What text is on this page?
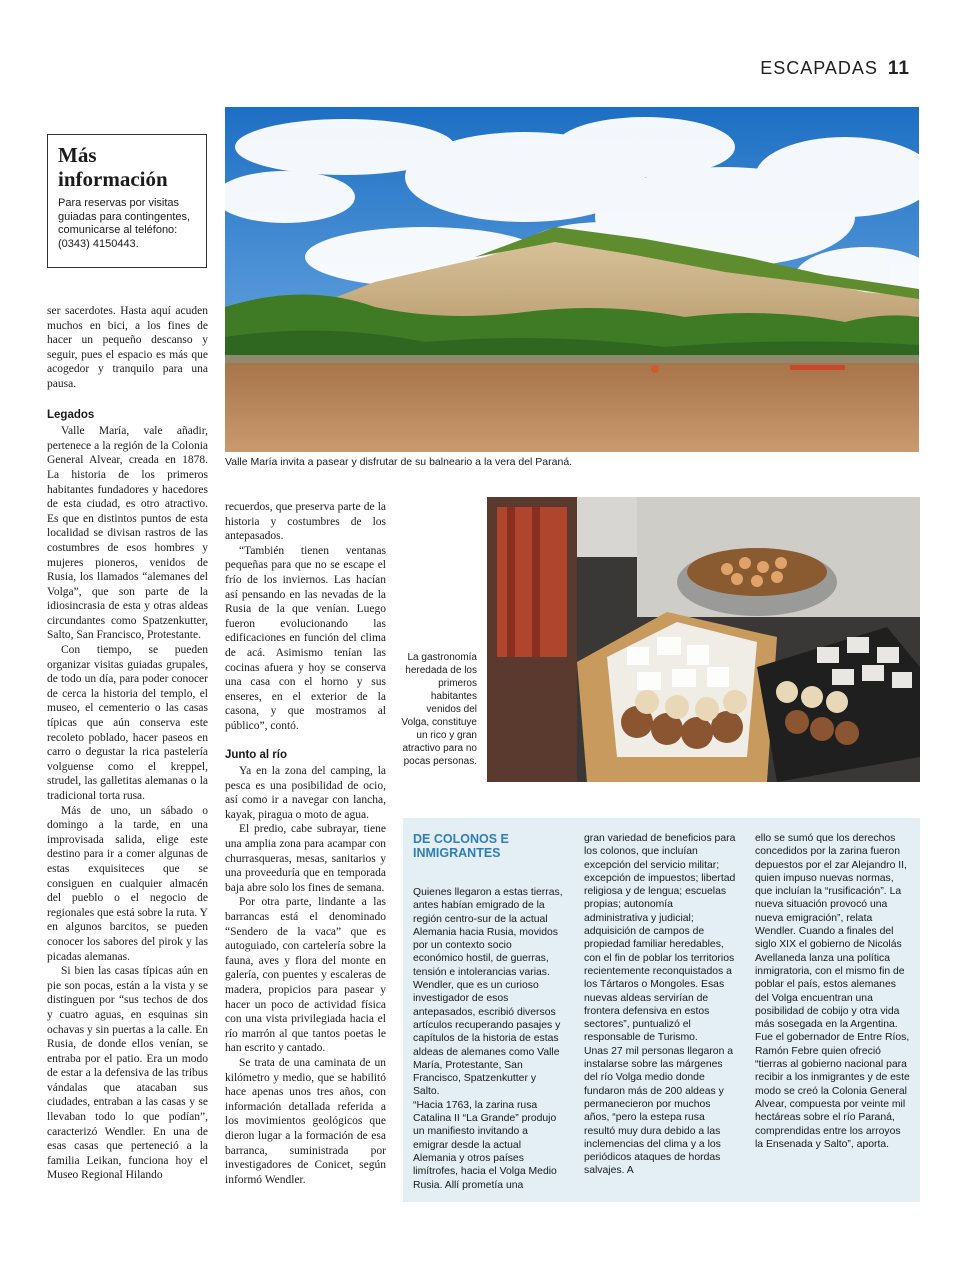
ESCAPADAS 11
Más información

Para reservas por visitas guiadas para contingentes, comunicarse al teléfono: (0343) 4150443.

ser sacerdotes. Hasta aquí acuden muchos en bici, a los fines de hacer un pequeño descanso y seguir, pues el espacio es más que acogedor y tranquilo para una pausa.

Legados

Valle María, vale añadir, pertenece a la región de la Colonia General Alvear, creada en 1878. La historia de los primeros habitantes fundadores y hacedores de esta ciudad, es otro atractivo. Es que en distintos puntos de esta localidad se divisan rastros de las costumbres de esos hombres y mujeres pioneros, venidos de Rusia, los llamados “alemanes del Volga”, que son parte de la idiosincrasia de esta y otras aldeas circundantes como Spatzenkutter, Salto, San Francisco, Protestante.

Con tiempo, se pueden organizar visitas guiadas grupales, de todo un día, para poder conocer de cerca la historia del templo, el museo, el cementerio o las casas típicas que aún conserva este recoleto poblado, hacer paseos en carro o degustar la rica pastelería volguense como el kreppel, strudel, las galletitas alemanas o la tradicional torta rusa.

Más de uno, un sábado o domingo a la tarde, en una improvisada salida, elige este destino para ir a comer algunas de estas exquisiteces que se consiguen en cualquier almacén del pueblo o el negocio de regionales que está sobre la ruta. Y en algunos barcitos, se pueden conocer los sabores del pirok y las picadas alemanas.

Si bien las casas típicas aún en pie son pocas, están a la vista y se distinguen por “sus techos de dos y cuatro aguas, en esquinas sin ochavas y sin puertas a la calle. En Rusia, de donde ellos venían, se entraba por el patio. Era un modo de estar a la defensiva de las tribus vándalas que atacaban sus ciudades, entraban a las casas y se llevaban todo lo que podían”, caracterizó Wendler. En una de esas casas que perteneció a la familia Leikan, funciona hoy el Museo Regional Hilando

Valle María invita a pasear y disfrutar de su balneario a la vera del Paraná.

recuerdos, que preserva parte de la historia y costumbres de los antepasados.

“También tienen ventanas pequeñas para que no se escape el frío de los inviernos. Las hacían así pensando en las nevadas de la Rusia de la que venían. Luego fueron evolucionando las edificaciones en función del clima de acá. Asimismo tenían las cocinas afuera y hoy se conserva una casa con el horno y sus enseres, en el exterior de la casona, y que mostramos al público”, contó.

Junto al río

Ya en la zona del camping, la pesca es una posibilidad de ocio, así como ir a navegar con lancha, kayak, piragua o moto de agua.

El predio, cabe subrayar, tiene una amplia zona para acampar con churrasqueras, mesas, sanitarios y una proveeduría que en temporada baja abre solo los fines de semana.

Por otra parte, lindante a las barrancas está el denominado “Sendero de la vaca” que es autoguiado, con cartelería sobre la fauna, aves y flora del monte en galería, con puentes y escaleras de madera, propicios para pasear y hacer un poco de actividad física con una vista privilegiada hacia el río marrón al que tantos poetas le han escrito y cantado.

Se trata de una caminata de un kilómetro y medio, que se habilitó hace apenas unos tres años, con información detallada referida a los movimientos geológicos que dieron lugar a la formación de esa barranca, suministrada por investigadores de Conicet, según informó Wendler.

La gastronomía heredada de los primeros habitantes venidos del Volga, constituye un rico y gran atractivo para no pocas personas.
DE COLONOS E INMIGRANTES

Quienes llegaron a estas tierras, antes habían emigrado de la región centro-sur de la actual Alemania hacia Rusia, movidos por un contexto socio económico hostil, de guerras, tensión e intolerancias varias.

Wendler, que es un curioso investigador de esos antepasados, escribió diversos artículos recuperando pasajes y capítulos de la historia de estas aldeas de alemanes como Valle María, Protestante, San Francisco, Spatzenkutter y Salto.

“Hacia 1763, la zarina rusa Catalina II “La Grande” produjo un manifiesto invitando a emigrar desde la actual Alemania y otros países limítrofes, hacia el Volga Medio Rusia. Allí prometía una

gran variedad de beneficios para los colonos, que incluían excepción del servicio militar; excepción de impuestos; libertad religiosa y de lengua; escuelas propias; autonomía administrativa y judicial; adquisición de campos de propiedad familiar heredables, con el fin de poblar los territorios recientemente reconquistados a los Tártaros o Mongoles. Esas nuevas aldeas servirían de frontera defensiva en estos sectores”, puntualizó el responsable de Turismo.

Unas 27 mil personas llegaron a instalarse sobre las márgenes del río Volga medio donde fundaron más de 200 aldeas y permanecieron por muchos años, “pero la estepa rusa resultó muy dura debido a las inclemencias del clima y a los periódicos ataques de hordas salvajes. A

ello se sumó que los derechos concedidos por la zarina fueron depuestos por el zar Alejandro II, quien impuso nuevas normas, que incluían la “rusificación”. La nueva situación provocó una nueva emigración”, relata Wendler. Cuando a finales del siglo XIX el gobierno de Nicolás Avellaneda lanza una política inmigratoria, con el mismo fin de poblar el país, estos alemanes del Volga encuentran una posibilidad de cobijo y otra vida más sosegada en la Argentina.

Fue el gobernador de Entre Ríos, Ramón Febre quien ofreció “tierras al gobierno nacional para recibir a los inmigrantes y de este modo se creó la Colonia General Alvear, compuesta por veinte mil hectáreas sobre el río Paraná, comprendidas entre los arroyos la Ensenada y Salto”, aporta.
